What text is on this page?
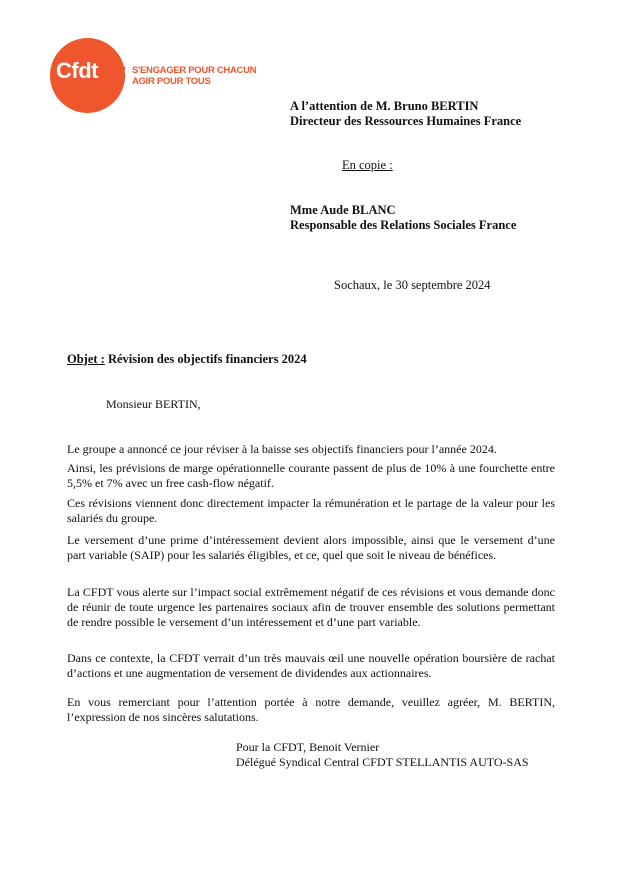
Cfdt	: S'ENGAGER POUR CHACUN
AGIR POUR TOUS
A l’attention de M. Bruno BERTIN
Directeur des Ressources Humaines France
En copie :
Mme Aude BLANC
Responsable des Relations Sociales France
Sochaux, le 30 septembre 2024
Objet : Révision des objectifs financiers 2024
Monsieur BERTIN,
Le groupe a annoncé ce jour réviser à la baisse ses objectifs financiers pour l’année 2024.
Ainsi, les prévisions de marge opérationnelle courante passent de plus de 10% à une fourchette entre 5,5% et 7% avec un free cash-flow négatif.
Ces révisions viennent donc directement impacter la rémunération et le partage de la valeur pour les salariés du groupe.
Le versement d’une prime d’intéressement devient alors impossible, ainsi que le versement d’une part variable (SAIP) pour les salariés éligibles, et ce, quel que soit le niveau de bénéfices.
La CFDT vous alerte sur l’impact social extrêmement négatif de ces révisions et vous demande donc de réunir de toute urgence les partenaires sociaux afin de trouver ensemble des solutions permettant de rendre possible le versement d’un intéressement et d’une part variable.
Dans ce contexte, la CFDT verrait d’un très mauvais œil une nouvelle opération boursière de rachat d’actions et une augmentation de versement de dividendes aux actionnaires.
En vous remerciant pour l’attention portée à notre demande, veuillez agréer, M. BERTIN, l’expression de nos sincères salutations.
Pour la CFDT, Benoit Vernier
Délégué Syndical Central CFDT STELLANTIS AUTO-SAS
